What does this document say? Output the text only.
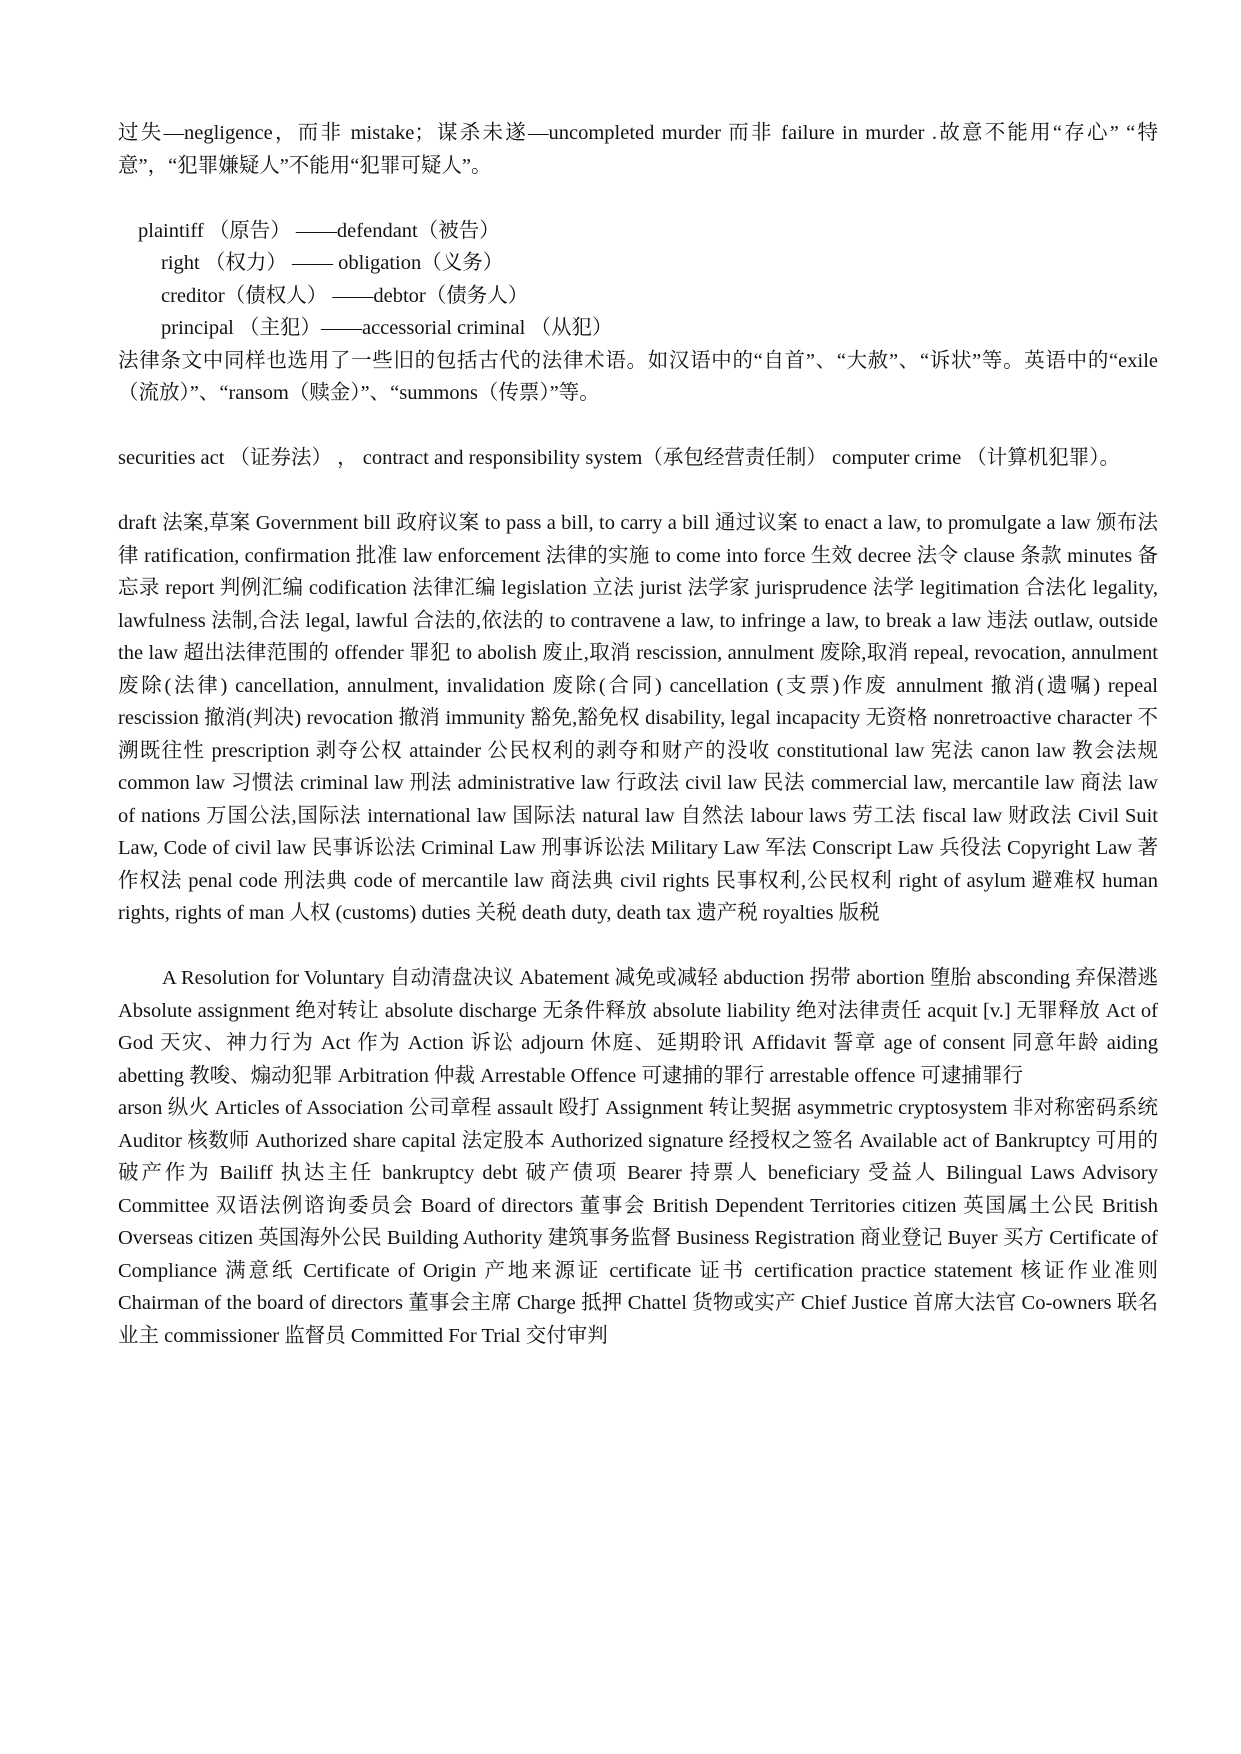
过失—negligence，而非 mistake；谋杀未遂—uncompleted murder 而非 failure in murder .故意不能用“存心” “特意”，“犯罪嫌疑人”不能用“犯罪可疑人”。

plaintiff （原告） ——defendant（被告）

right （权力） —— obligation（义务）

creditor（债权人） ——debtor（债务人）

principal （主犯）——accessorial criminal （从犯）

法律条文中同样也选用了一些旧的包括古代的法律术语。如汉语中的“自首”、“大赦”、“诉状”等。英语中的“exile（流放）”、“ransom（赎金）”、“summons（传票）”等。

securities act （证券法） ， contract and responsibility system（承包经营责任制） computer crime （计算机犯罪）。

draft 法案,草案 Government bill 政府议案 to pass a bill, to carry a bill 通过议案 to enact a law, to promulgate a law 颁布法律 ratification, confirmation 批准 law enforcement 法律的实施 to come into force 生效 decree 法令 clause 条款 minutes 备忘录 report 判例汇编 codification 法律汇编 legislation 立法 jurist 法学家 jurisprudence 法学 legitimation 合法化 legality, lawfulness 法制,合法 legal, lawful 合法的,依法的 to contravene a law, to infringe a law, to break a law 违法 outlaw, outside the law 超出法律范围的 offender 罪犯 to abolish 废止,取消 rescission, annulment 废除,取消 repeal, revocation, annulment 废除(法律) cancellation, annulment, invalidation 废除(合同) cancellation (支票)作废 annulment 撤消(遗嘱) repeal rescission 撤消(判决) revocation 撤消 immunity 豁免,豁免权 disability, legal incapacity 无资格 nonretroactive character 不溯既往性 prescription 剥夺公权 attainder 公民权利的剥夺和财产的没收 constitutional law 宪法 canon law 教会法规 common law 习惯法 criminal law 刑法 administrative law 行政法 civil law 民法 commercial law, mercantile law 商法 law of nations 万国公法,国际法 international law 国际法 natural law 自然法 labour laws 劳工法 fiscal law 财政法 Civil Suit Law, Code of civil law 民事诉讼法 Criminal Law 刑事诉讼法 Military Law 军法 Conscript Law 兵役法 Copyright Law 著作权法 penal code 刑法典 code of mercantile law 商法典 civil rights 民事权利,公民权利 right of asylum 避难权 human rights, rights of man 人权 (customs) duties 关税 death duty, death tax 遗产税 royalties 版税

A Resolution for Voluntary 自动清盘决议 Abatement 减免或减轻 abduction 拐带 abortion 堕胎 absconding 弃保潜逃 Absolute assignment 绝对转让 absolute discharge 无条件释放 absolute liability 绝对法律责任 acquit [v.] 无罪释放 Act of God 天灾、神力行为 Act 作为 Action 诉讼 adjourn 休庭、延期聆讯 Affidavit 誓章 age of consent 同意年龄 aiding abetting 教唆、煽动犯罪 Arbitration 仲裁 Arrestable Offence 可逮捕的罪行 arrestable offence 可逮捕罪行

arson 纵火 Articles of Association 公司章程 assault 殴打 Assignment 转让契据 asymmetric cryptosystem 非对称密码系统 Auditor 核数师 Authorized share capital 法定股本 Authorized signature 经授权之签名 Available act of Bankruptcy 可用的破产作为 Bailiff 执达主任 bankruptcy debt 破产债项 Bearer 持票人 beneficiary 受益人 Bilingual Laws Advisory Committee 双语法例谘询委员会 Board of directors 董事会 British Dependent Territories citizen 英国属土公民 British Overseas citizen 英国海外公民 Building Authority 建筑事务监督 Business Registration 商业登记 Buyer 买方 Certificate of Compliance 满意纸 Certificate of Origin 产地来源证 certificate 证书 certification practice statement 核证作业准则 Chairman of the board of directors 董事会主席 Charge 抵押 Chattel 货物或实产 Chief Justice 首席大法官 Co-owners 联名业主 commissioner 监督员 Committed For Trial 交付审判
